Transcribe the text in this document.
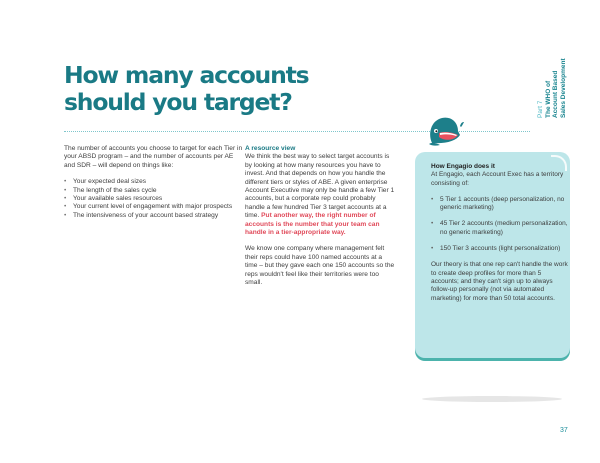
How many accounts
should you target?	Part 7 The WHO of Account Based Sales Development

The number of accounts you choose to target for each Tier in your ABSD program – and the number of accounts per AE and SDR – will depend on things like:

• Your expected deal sizes
• The length of the sales cycle
• Your available sales resources
• Your current level of engagement with major prospects
• The intensiveness of your account based strategy
A resource view

We think the best way to select target accounts is by looking at how many resources you have to invest. And that depends on how you handle the different tiers or styles of ABE. A given enterprise Account Executive may only be handle a few Tier 1 accounts, but a corporate rep could probably handle a few hundred Tier 3 target accounts at a time. Put another way, the right number of accounts is the number that your team can handle in a tier-appropriate way.

We know one company where management felt their reps could have 100 named accounts at a time – but they gave each one 150 accounts so the reps wouldn't feel like their territories were too small.

How Engagio does it

At Engagio, each Account Exec has a territory consisting of:

• 5 Tier 1 accounts (deep personalization, no generic marketing)
• 45 Tier 2 accounts (medium personalization, no generic marketing)
• 150 Tier 3 accounts (light personalization)

Our theory is that one rep can't handle the work to create deep profiles for more than 5 accounts; and they can't sign up to always follow-up personally (not via automated marketing) for more than 50 total accounts.

37
